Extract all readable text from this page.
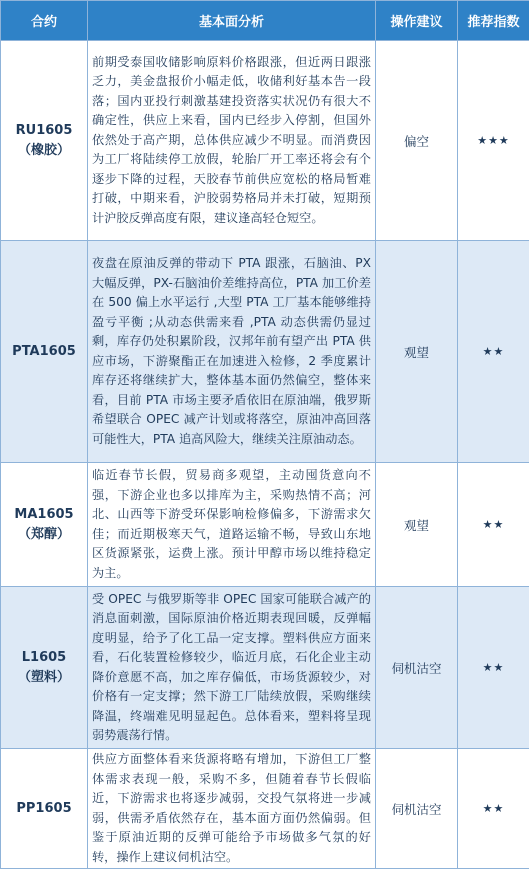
合约	基本面分析	操作建议	推荐指数

RU1605
（橡胶）	前期受泰国收储影响原料价格跟涨，但近两日跟涨乏力，美金盘报价小幅走低，收储利好基本告一段落；国内亚投行刺激基建投资落实状况仍有很大不确定性，供应上来看，国内已经步入停割，但国外依然处于高产期，总体供应减少不明显。而消费因为工厂将陆续停工放假，轮胎厂开工率还将会有个逐步下降的过程，天胶春节前供应宽松的格局暂难打破，中期来看，沪胶弱势格局并未打破，短期预计沪胶反弹高度有限，建议逢高轻仓短空。	偏空	★★★

PTA1605	夜盘在原油反弹的带动下 PTA 跟涨，石脑油、PX 大幅反弹，PX-石脑油价差维持高位，PTA 加工价差在 500 偏上水平运行 ,大型 PTA 工厂基本能够维持盈亏平衡 ;从动态供需来看 ,PTA 动态供需仍显过剩，库存仍处积累阶段，汉邦年前有望产出 PTA 供应市场，下游聚酯正在加速进入检修，2 季度累计库存还将继续扩大，整体基本面仍然偏空，整体来看，目前 PTA 市场主要矛盾依旧在原油端，俄罗斯希望联合 OPEC 减产计划或将落空，原油冲高回落可能性大，PTA 追高风险大，继续关注原油动态。	观望	★★

MA1605
（郑醇）	临近春节长假，贸易商多观望，主动囤货意向不强，下游企业也多以排库为主，采购热情不高；河北、山西等下游受环保影响检修偏多，下游需求欠佳；而近期极寒天气，道路运输不畅，导致山东地区货源紧张，运费上涨。预计甲醇市场以维持稳定为主。	观望	★★

L1605
（塑料）	受 OPEC 与俄罗斯等非 OPEC 国家可能联合减产的消息面刺激，国际原油价格近期表现回暖，反弹幅度明显，给予了化工品一定支撑。塑料供应方面来看，石化装置检修较少，临近月底，石化企业主动降价意愿不高，加之库存偏低，市场货源较少，对价格有一定支撑；然下游工厂陆续放假，采购继续降温，终端难见明显起色。总体看来，塑料将呈现弱势震荡行情。	伺机沽空	★★

PP1605	供应方面整体看来货源将略有增加，下游但工厂整体需求表现一般，采购不多，但随着春节长假临近，下游需求也将逐步减弱，交投气氛将进一步减弱，供需矛盾依然存在，基本面方面仍然偏弱。但鉴于原油近期的反弹可能给予市场做多气氛的好转，操作上建议伺机沽空。	伺机沽空	★★
